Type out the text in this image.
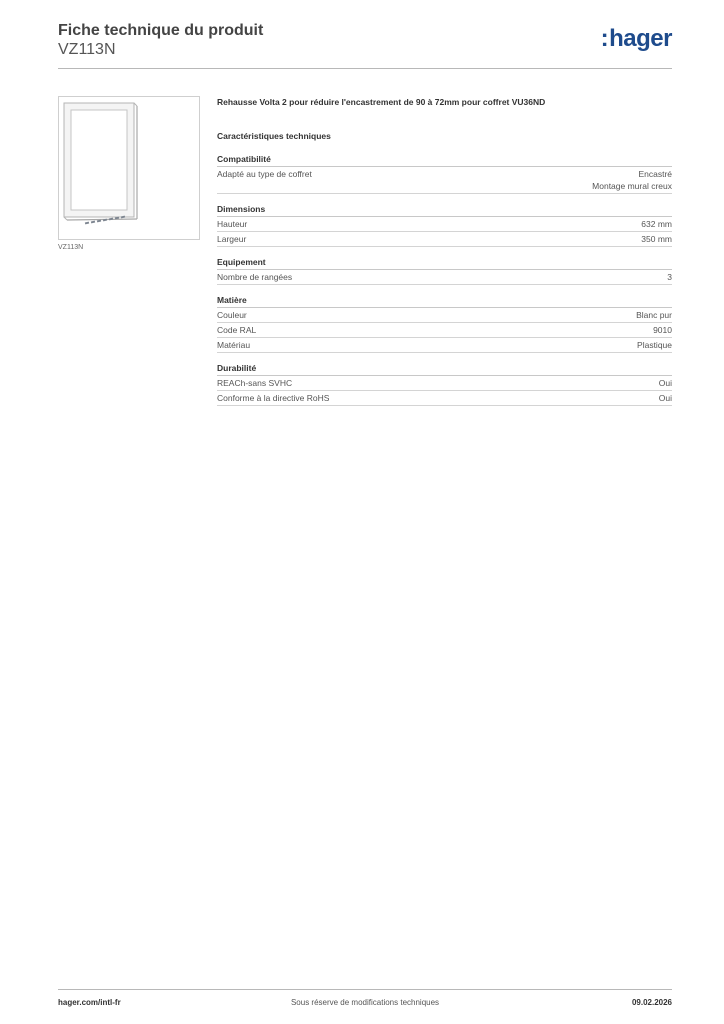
Fiche technique du produit
VZ113N	:hager
VZ113N

Rehausse Volta 2 pour réduire l'encastrement de 90 à 72mm pour coffret VU36ND

Caractéristiques techniques

Compatibilité
Adapté au type de coffret	Encastré
Montage mural creux
Dimensions
Hauteur	632 mm
Largeur	350 mm
Equipement
Nombre de rangées	3
Matière
Couleur	Blanc pur
Code RAL	9010
Matériau	Plastique
Durabilité
REACh-sans SVHC	Oui
Conforme à la directive RoHS	Oui
hager.com/intl-fr	Sous réserve de modifications techniques	09.02.2026
